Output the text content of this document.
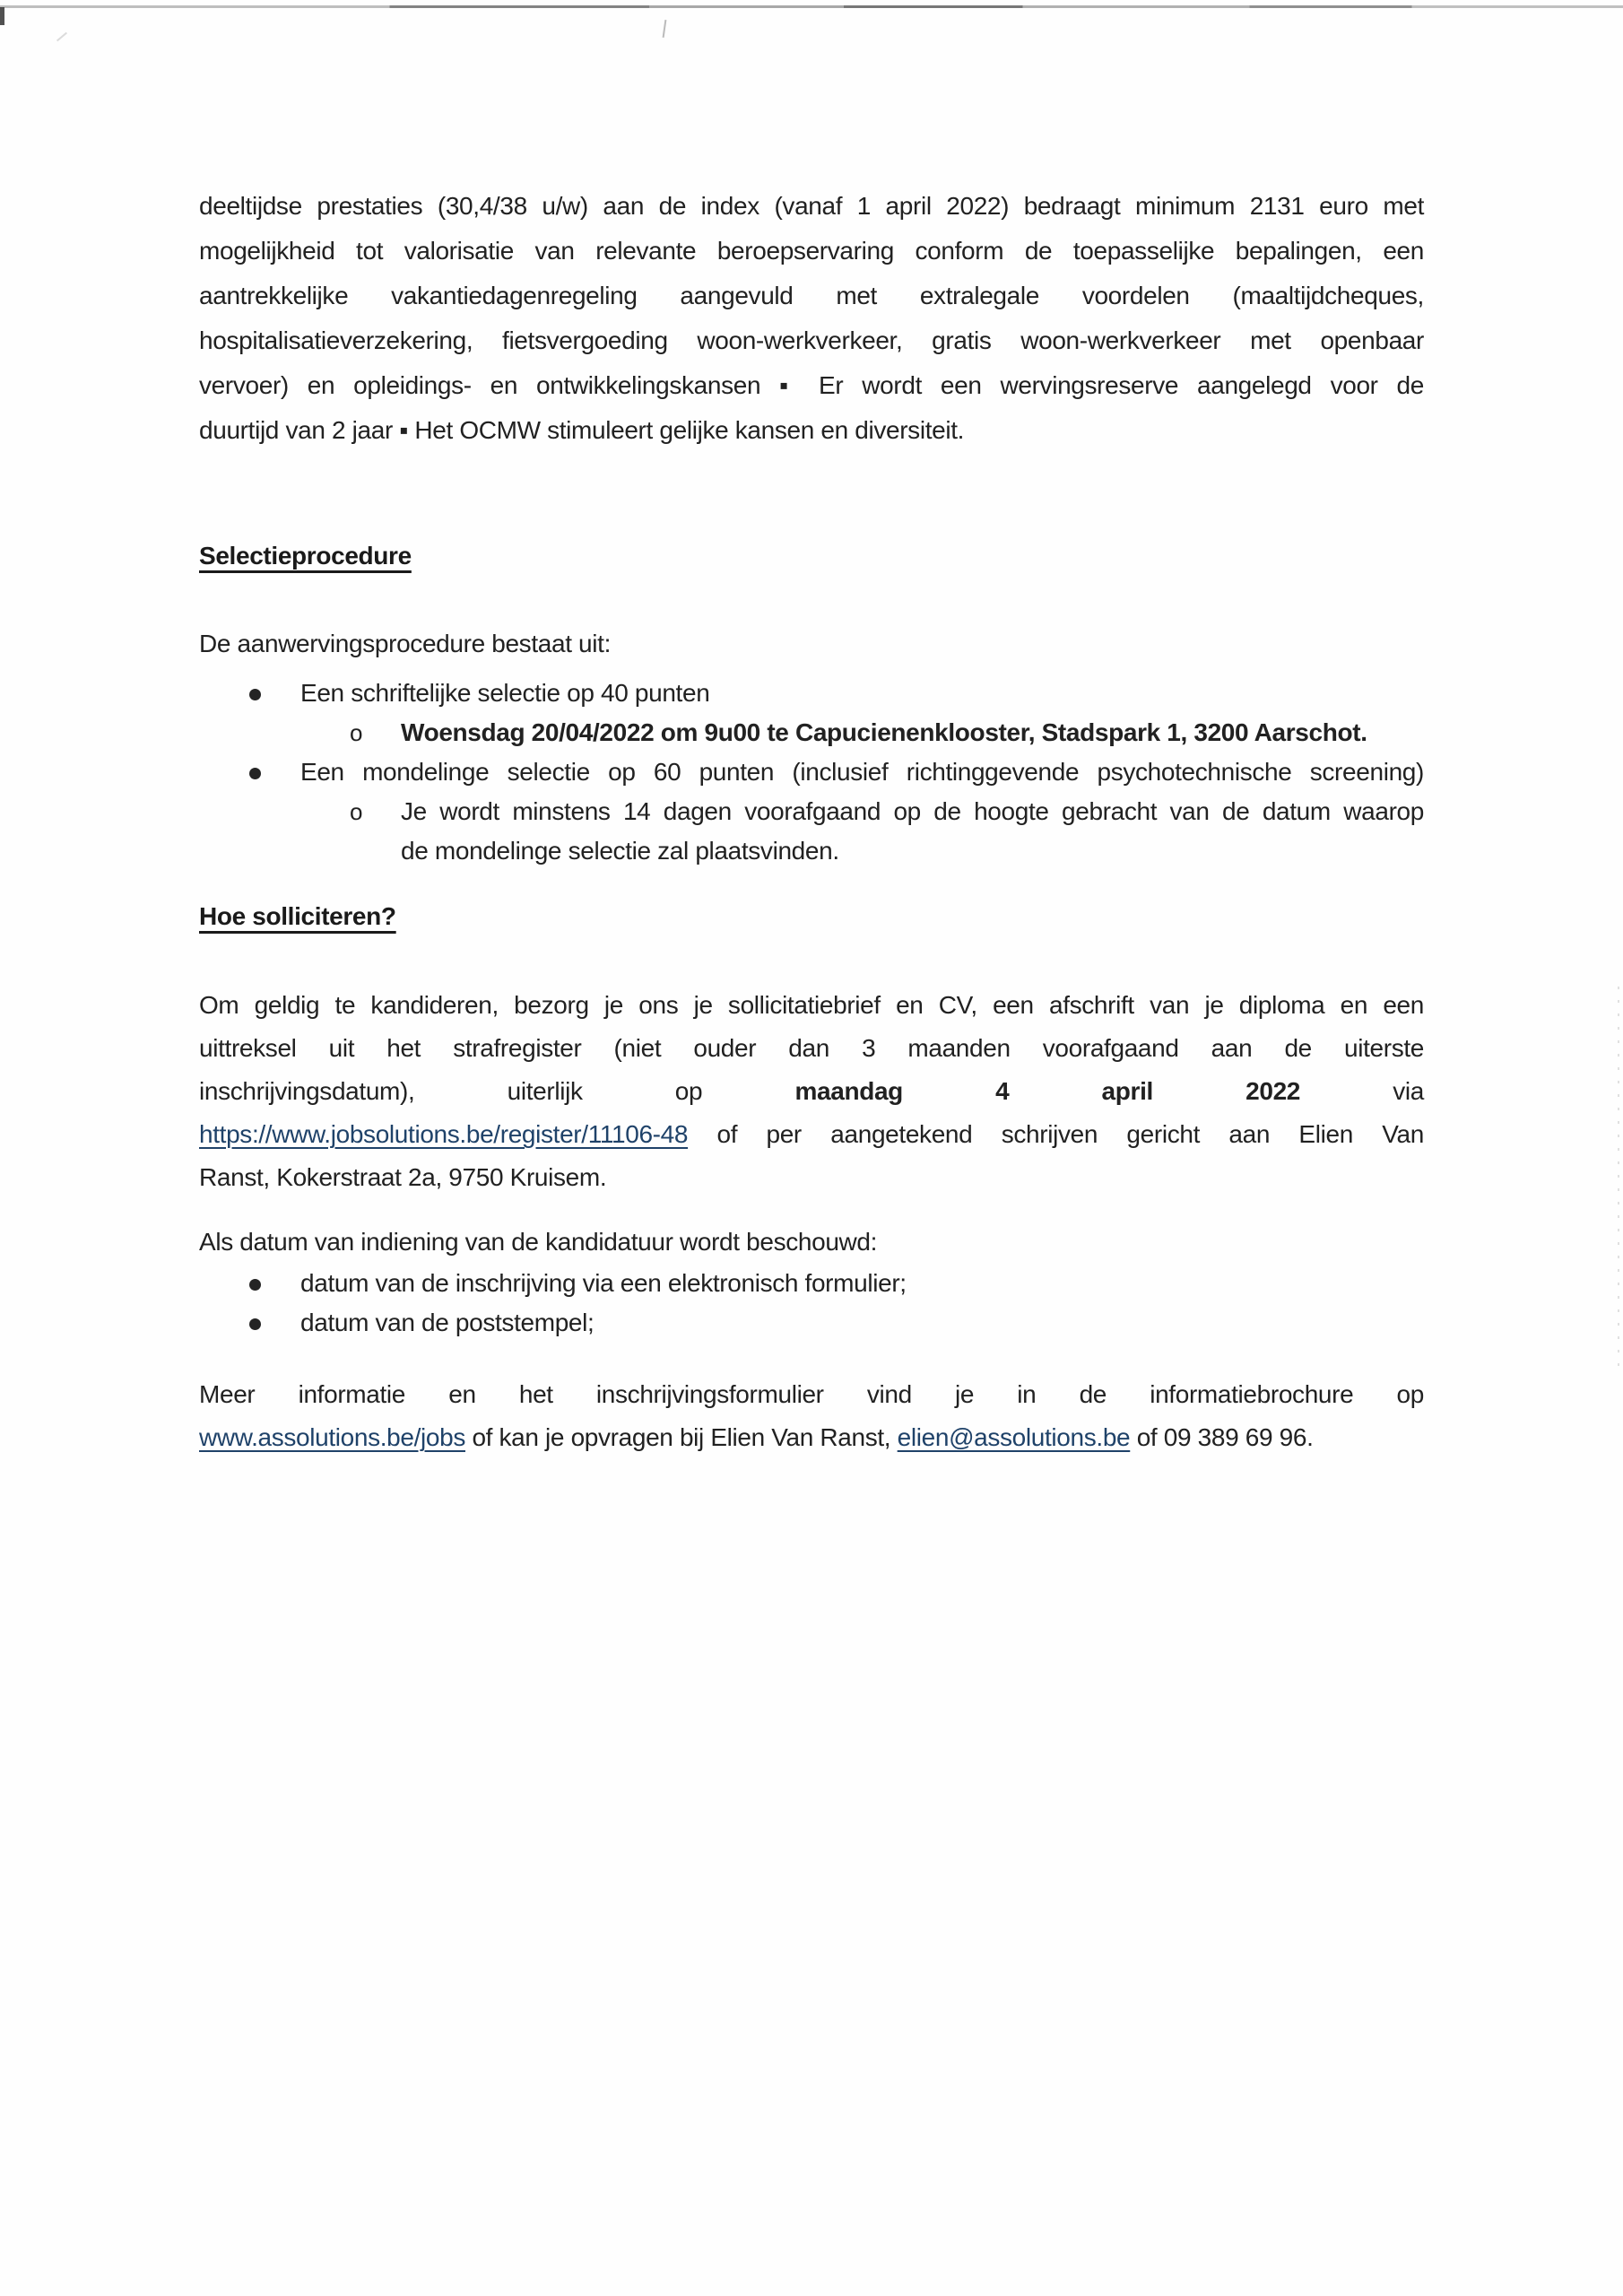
deeltijdse prestaties (30,4/38 u/w) aan de index (vanaf 1 april 2022) bedraagt minimum 2131 euro met
mogelijkheid tot valorisatie van relevante beroepservaring conform de toepasselijke bepalingen, een
aantrekkelijke vakantiedagenregeling aangevuld met extralegale voordelen (maaltijdcheques,
hospitalisatieverzekering, fietsvergoeding woon-werkverkeer, gratis woon-werkverkeer met openbaar
vervoer) en opleidings- en ontwikkelingskansen ▪ Er wordt een wervingsreserve aangelegd voor de
duurtijd van 2 jaar ▪ Het OCMW stimuleert gelijke kansen en diversiteit.
Selectieprocedure
De aanwervingsprocedure bestaat uit:
Een schriftelijke selectie op 40 punten
o	Woensdag 20/04/2022 om 9u00 te Capucienenklooster, Stadspark 1, 3200 Aarschot.
Een mondelinge selectie op 60 punten (inclusief richtinggevende psychotechnische screening)
o	Je wordt minstens 14 dagen voorafgaand op de hoogte gebracht van de datum waarop
de mondelinge selectie zal plaatsvinden.
Hoe solliciteren?
Om geldig te kandideren, bezorg je ons je sollicitatiebrief en CV, een afschrift van je diploma en een
uittreksel uit het strafregister (niet ouder dan 3 maanden voorafgaand aan de uiterste
inschrijvingsdatum),	uiterlijk op	maandag 4 april 2022	via
https://www.jobsolutions.be/register/11106-48 of per aangetekend schrijven gericht aan Elien Van
Ranst, Kokerstraat 2a, 9750 Kruisem.
Als datum van indiening van de kandidatuur wordt beschouwd:
datum van de inschrijving via een elektronisch formulier;
datum van de poststempel;
Meer informatie en het inschrijvingsformulier vind je in de informatiebrochure op
www.assolutions.be/jobs of kan je opvragen bij Elien Van Ranst, elien@assolutions.be of 09 389 69 96.
